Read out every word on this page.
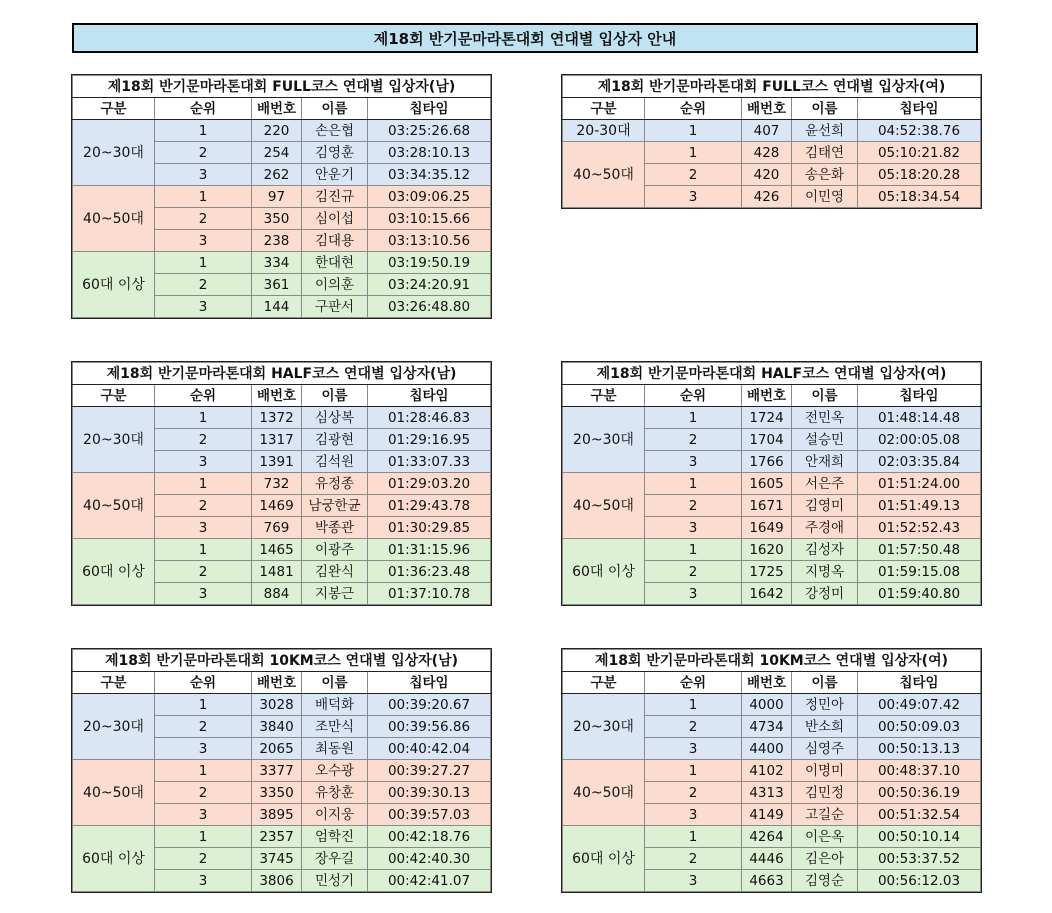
제18회 반기문마라톤대회 연대별 입상자 안내
제18회 반기문마라톤대회 FULL코스 연대별 입상자(남)				
구분	순위	배번호	이름	칩타임
20~30대	1	220	손은협	03:25:26.68
	2	254	김영훈	03:28:10.13
	3	262	안운기	03:34:35.12
40~50대	1	97	김진규	03:09:06.25
	2	350	심이섭	03:10:15.66
	3	238	김대용	03:13:10.56
60대 이상	1	334	한대현	03:19:50.19
	2	361	이의훈	03:24:20.91
	3	144	구판서	03:26:48.80
제18회 반기문마라톤대회 FULL코스 연대별 입상자(여)				
구분	순위	배번호	이름	칩타임
20-30대	1	407	윤선희	04:52:38.76
40~50대	1	428	김태연	05:10:21.82
	2	420	송은화	05:18:20.28
	3	426	이민영	05:18:34.54
제18회 반기문마라톤대회 HALF코스 연대별 입상자(남)				
구분	순위	배번호	이름	칩타임
20~30대	1	1372	심상복	01:28:46.83
	2	1317	김광현	01:29:16.95
	3	1391	김석원	01:33:07.33
40~50대	1	732	유정종	01:29:03.20
	2	1469	남궁한균	01:29:43.78
	3	769	박종관	01:30:29.85
60대 이상	1	1465	이광주	01:31:15.96
	2	1481	김완식	01:36:23.48
	3	884	지봉근	01:37:10.78
제18회 반기문마라톤대회 HALF코스 연대별 입상자(여)				
구분	순위	배번호	이름	칩타임
20~30대	1	1724	전민옥	01:48:14.48
	2	1704	설승민	02:00:05.08
	3	1766	안재희	02:03:35.84
40~50대	1	1605	서은주	01:51:24.00
	2	1671	김영미	01:51:49.13
	3	1649	주경애	01:52:52.43
60대 이상	1	1620	김성자	01:57:50.48
	2	1725	지명옥	01:59:15.08
	3	1642	강정미	01:59:40.80
제18회 반기문마라톤대회 10KM코스 연대별 입상자(남)				
구분	순위	배번호	이름	칩타임
20~30대	1	3028	배덕화	00:39:20.67
	2	3840	조만식	00:39:56.86
	3	2065	최동원	00:40:42.04
40~50대	1	3377	오수광	00:39:27.27
	2	3350	유창훈	00:39:30.13
	3	3895	이지웅	00:39:57.03
60대 이상	1	2357	엄학진	00:42:18.76
	2	3745	장우길	00:42:40.30
	3	3806	민성기	00:42:41.07
제18회 반기문마라톤대회 10KM코스 연대별 입상자(여)				
구분	순위	배번호	이름	칩타임
20~30대	1	4000	정민아	00:49:07.42
	2	4734	반소희	00:50:09.03
	3	4400	심영주	00:50:13.13
40~50대	1	4102	이명미	00:48:37.10
	2	4313	김민정	00:50:36.19
	3	4149	고길순	00:51:32.54
60대 이상	1	4264	이은옥	00:50:10.14
	2	4446	김은아	00:53:37.52
	3	4663	김영순	00:56:12.03
